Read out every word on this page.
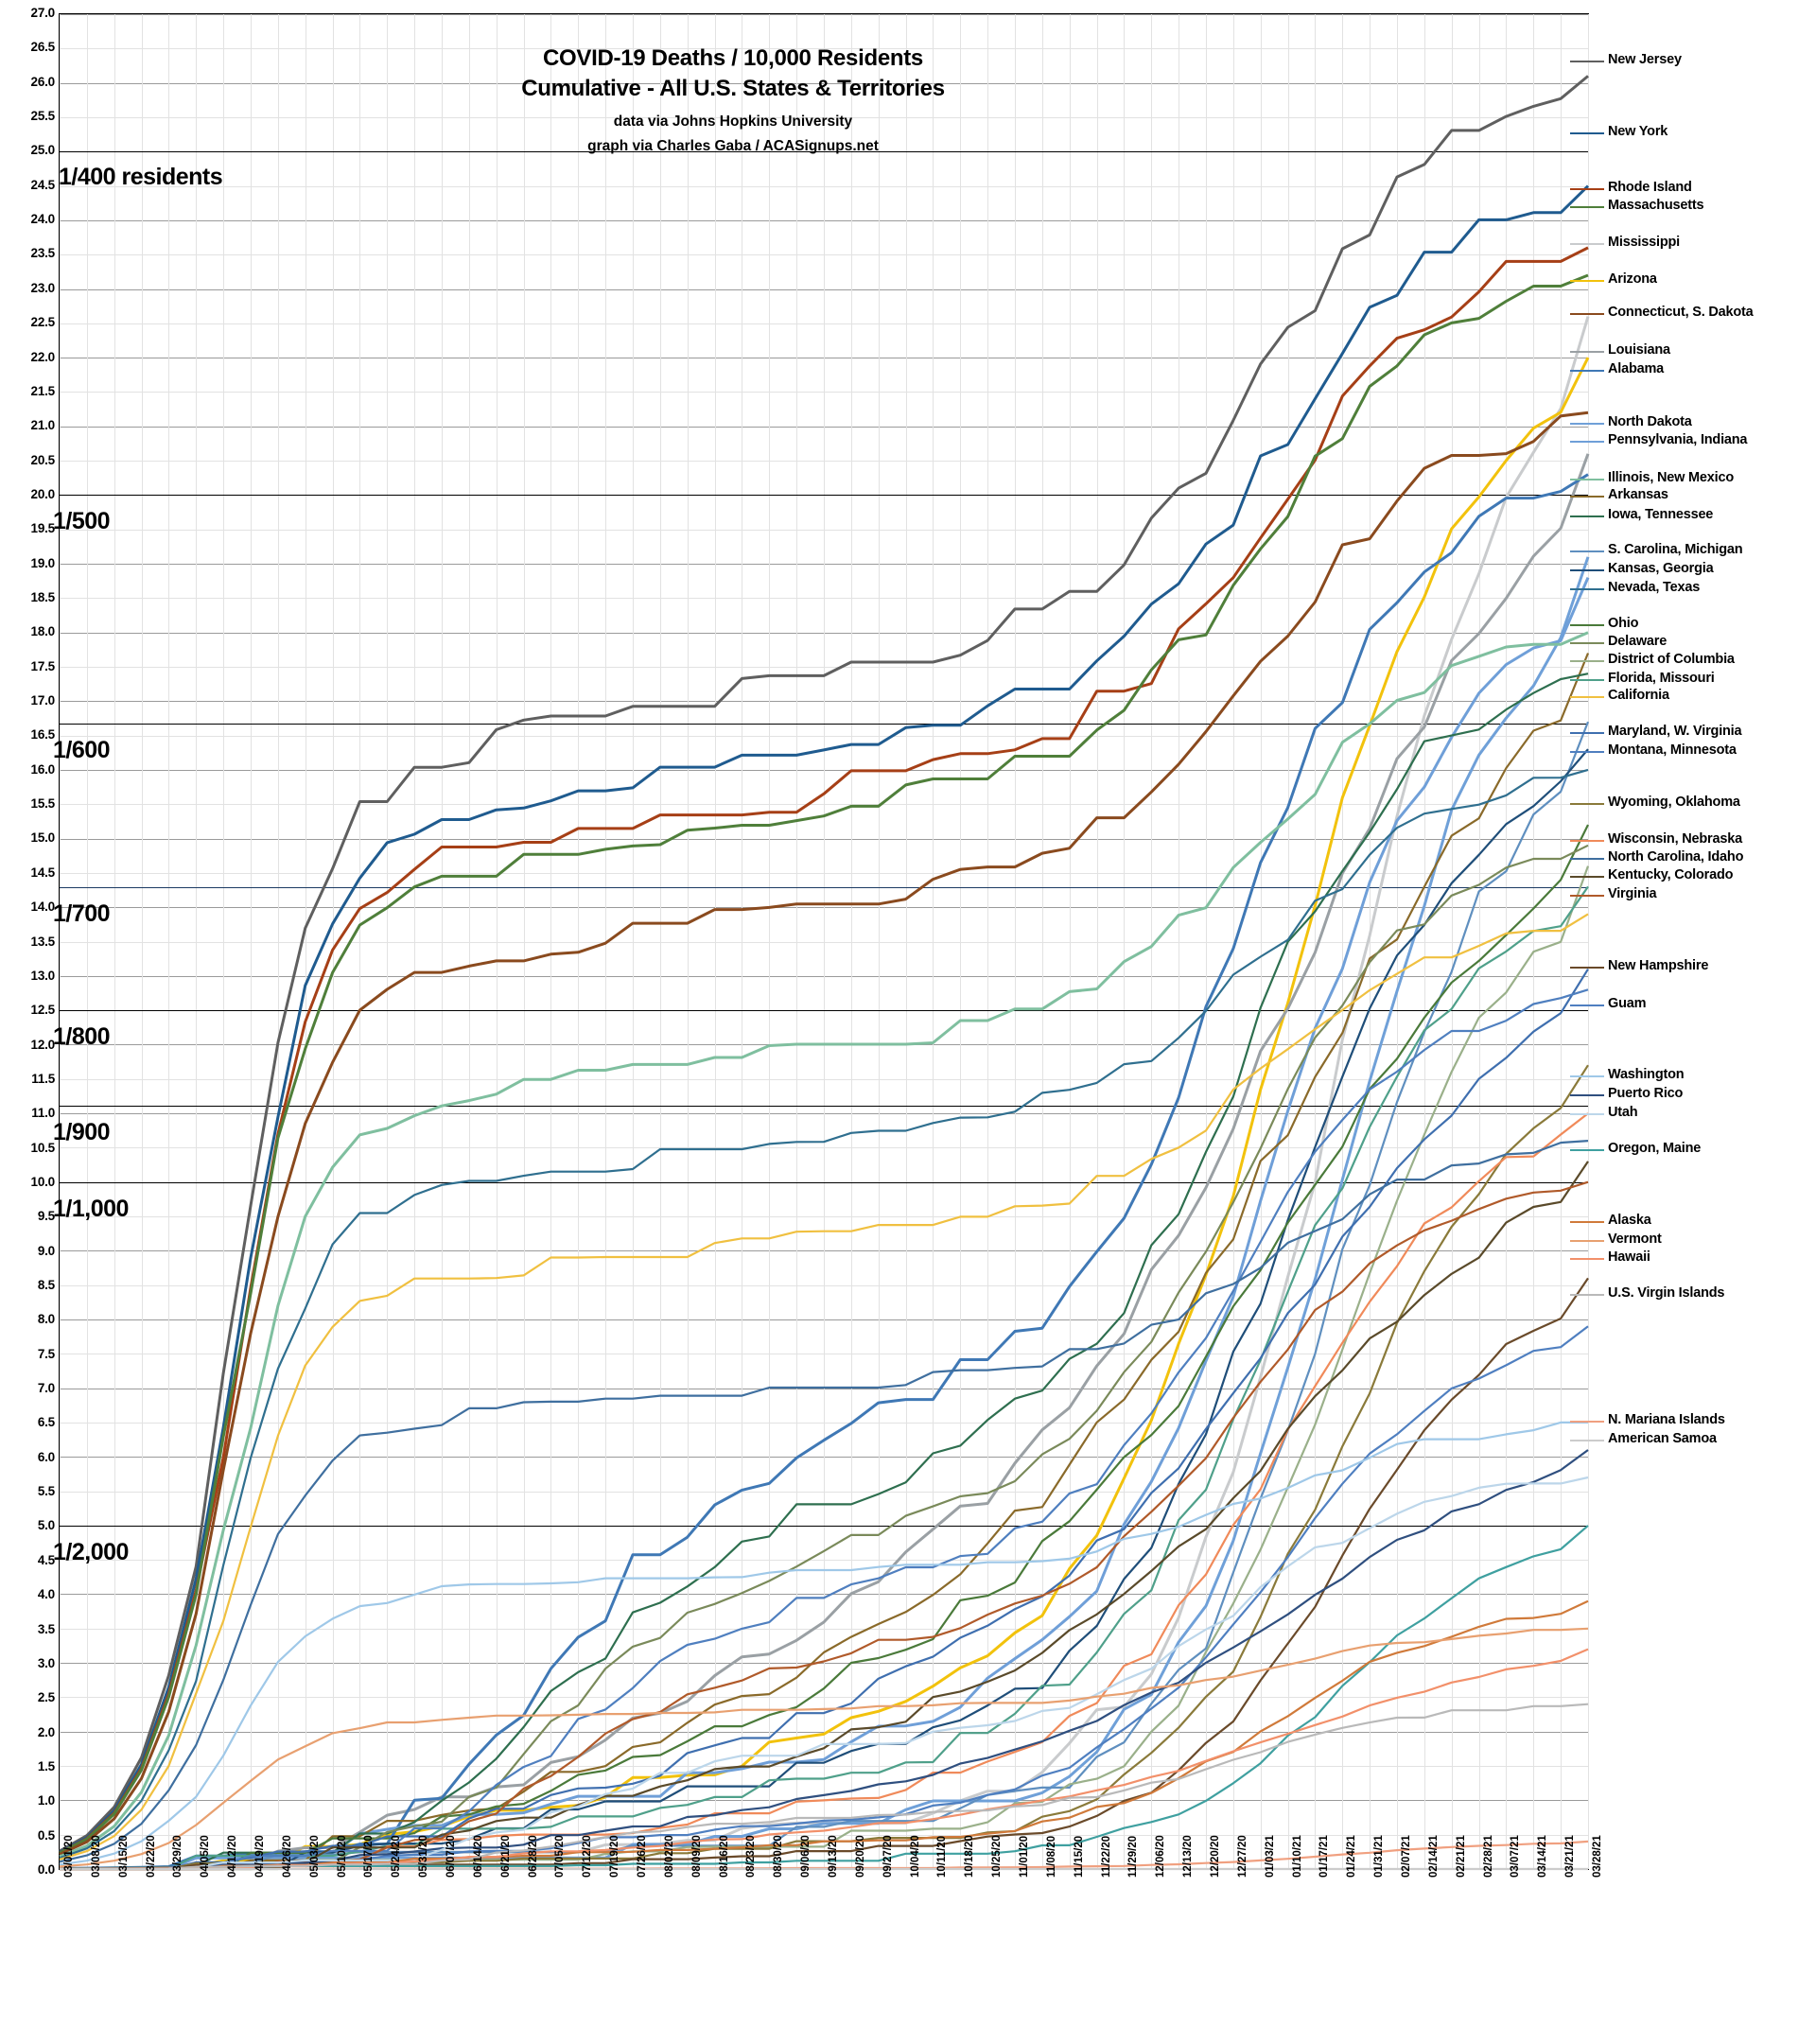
27.0
26.5
26.0
25.5
25.0
24.5
24.0
23.5
23.0
22.5
22.0
21.5
21.0
20.5
20.0
19.5
19.0
18.5
18.0
17.5
17.0
16.5
16.0
15.5
15.0
14.5
14.0
13.5
13.0
12.5
12.0
11.5
11.0
10.5
10.0
9.5
9.0
8.5
8.0
7.5
7.0
6.5
6.0
5.5
5.0
4.5
4.0
3.5
3.0
2.5
2.0
1.5
1.0
0.5
0.0 03/01/20 03/08/20 03/15/20 03/22/20 03/29/20 04/05/20 04/12/20 04/19/20 04/26/20 05/03/20 05/10/20 05/17/20 05/24/20 05/31/20 06/07/20 06/14/20 06/21/20 06/28/20 07/05/20 07/12/20 07/19/20 07/26/20 08/02/20 08/09/20 08/16/20 08/23/20 08/30/20 09/06/20 09/13/20 09/20/20 09/27/20 10/04/20 10/11/20 10/18/20 10/25/20 11/01/20 11/08/20 11/15/20 11/22/20 11/29/20 12/06/20 12/13/20 12/20/20 12/27/20 01/03/21 01/10/21 01/17/21 01/24/21 01/31/21 02/07/21 02/14/21 02/21/21 02/28/21 03/07/21 03/14/21 03/21/21 03/28/21
COVID-19 Deaths / 10,000 Residents
Cumulative - All U.S. States & Territories
data via Johns Hopkins University
graph via Charles Gaba / ACASignups.net
1/400 residents
1/500
1/600
1/700
1/800
1/900
1/1,000
1/2,000
New Jersey
New York
Rhode Island
Massachusetts
Mississippi
Arizona
Connecticut, S. Dakota
Louisiana
Alabama
North Dakota
Pennsylvania, Indiana
Illinois, New Mexico
Arkansas
Iowa, Tennessee
S. Carolina, Michigan
Kansas, Georgia
Nevada, Texas
Ohio
Delaware
District of Columbia
Florida, Missouri
California
Maryland, W. Virginia
Montana, Minnesota
Wyoming, Oklahoma
Wisconsin, Nebraska
North Carolina, Idaho
Kentucky, Colorado
Virginia
New Hampshire
Guam
Washington
Puerto Rico
Utah
Oregon, Maine
Alaska
Vermont
Hawaii
U.S. Virgin Islands
N. Mariana Islands
American Samoa
